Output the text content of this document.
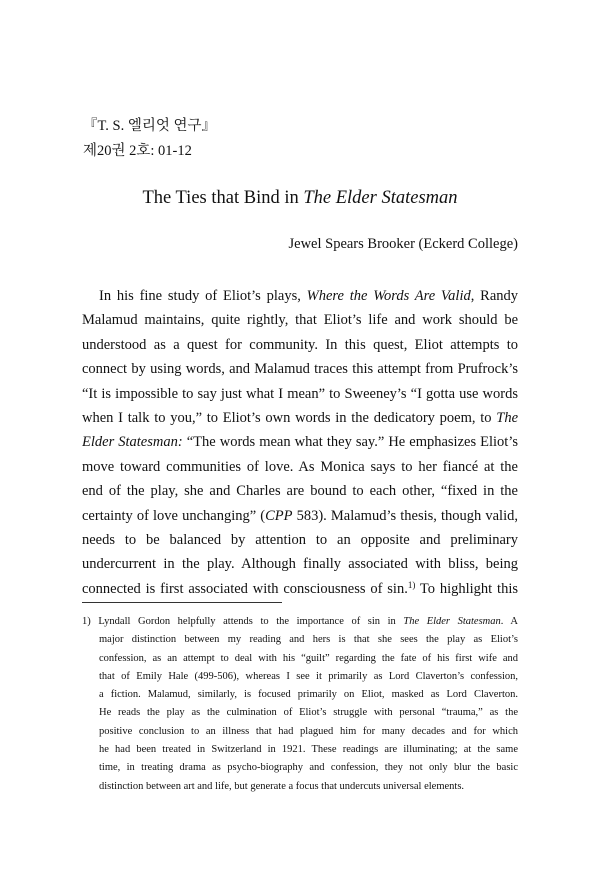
『T. S. 엘리엇 연구』
제20권 2호: 01-12
The Ties that Bind in The Elder Statesman
Jewel Spears Brooker (Eckerd College)
In his fine study of Eliot’s plays, Where the Words Are Valid, Randy
Malamud maintains, quite rightly, that Eliot’s life and work should be
understood as a quest for community. In this quest, Eliot attempts to
connect by using words, and Malamud traces this attempt from Prufrock’s
“It is impossible to say just what I mean” to Sweeney’s “I gotta use words
when I talk to you,” to Eliot’s own words in the dedicatory poem, to The
Elder Statesman: “The words mean what they say.” He emphasizes Eliot’s
move toward communities of love. As Monica says to her fiancé at the
end of the play, she and Charles are bound to each other, “fixed in the
certainty of love unchanging” (CPP 583). Malamud’s thesis, though valid,
needs to be balanced by attention to an opposite and preliminary
undercurrent in the play. Although finally associated with bliss, being
connected is first associated with consciousness of sin.$^{1)}$ To highlight this
1) Lyndall Gordon helpfully attends to the importance of sin in The Elder Statesman. A
major distinction between my reading and hers is that she sees the play as Eliot’s
confession, as an attempt to deal with his “guilt” regarding the fate of his first wife and
that of Emily Hale (499-506), whereas I see it primarily as Lord Claverton’s confession,
a fiction. Malamud, similarly, is focused primarily on Eliot, masked as Lord Claverton.
He reads the play as the culmination of Eliot’s struggle with personal “trauma,” as the
positive conclusion to an illness that had plagued him for many decades and for which
he had been treated in Switzerland in 1921. These readings are illuminating; at the same
time, in treating drama as psycho-biography and confession, they not only blur the basic
distinction between art and life, but generate a focus that undercuts universal elements.
